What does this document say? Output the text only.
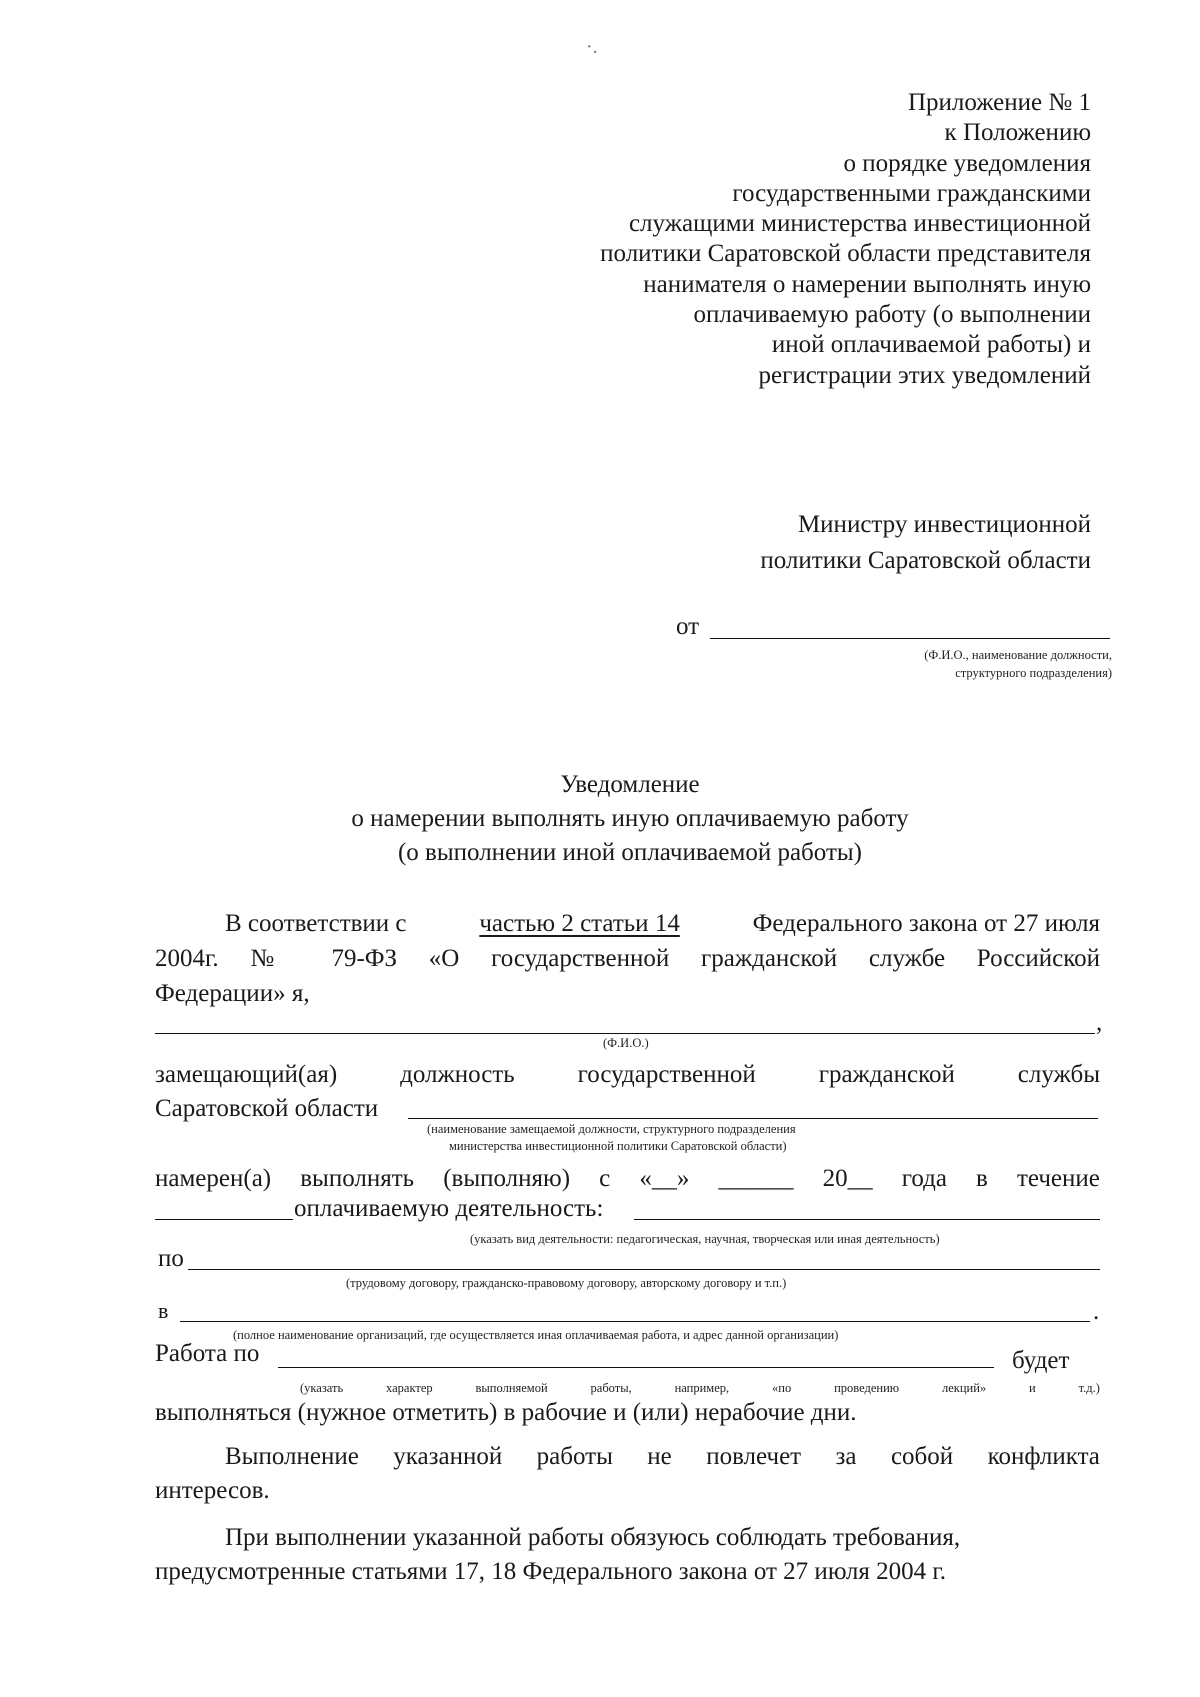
·.
Приложение № 1
к Положению
о порядке уведомления
государственными гражданскими
служащими министерства инвестиционной
политики Саратовской области представителя
нанимателя о намерении выполнять иную
оплачиваемую работу (о выполнении
иной оплачиваемой работы) и
регистрации этих уведомлений
Министру инвестиционной
политики Саратовской области
от
(Ф.И.О., наименование должности,
структурного подразделения)
Уведомление
о намерении выполнять иную оплачиваемую работу
(о выполнении иной оплачиваемой работы)
В соответствии с	частью 2 статьи 14	Федерального закона от 27 июля
2004г. № 79-ФЗ «О государственной гражданской службе Российской
Федерации» я,
,
(Ф.И.О.)
замещающий(ая)	должность	государственной	гражданской	службы
Саратовской области
(наименование замещаемой должности, структурного подразделения
министерства инвестиционной политики Саратовской области)
намерен(а) выполнять (выполняю) с «__» ______ 20__ года в течение
оплачиваемую деятельность:
(указать вид деятельности: педагогическая, научная, творческая или иная деятельность)
по
(трудовому договору, гражданско-правовому договору, авторскому договору и т.п.)
в	.
(полное наименование организаций, где осуществляется иная оплачиваемая работа, и адрес данной организации)
Работа по	будет
(указать	характер	выполняемой	работы,	например,	«по	проведению	лекций»	и	т.д.)
выполняться (нужное отметить) в рабочие и (или) нерабочие дни.
Выполнение указанной работы не повлечет за собой конфликта
интересов.
При выполнении указанной работы обязуюсь соблюдать требования,
предусмотренные статьями 17, 18 Федерального закона от 27 июля 2004 г.
